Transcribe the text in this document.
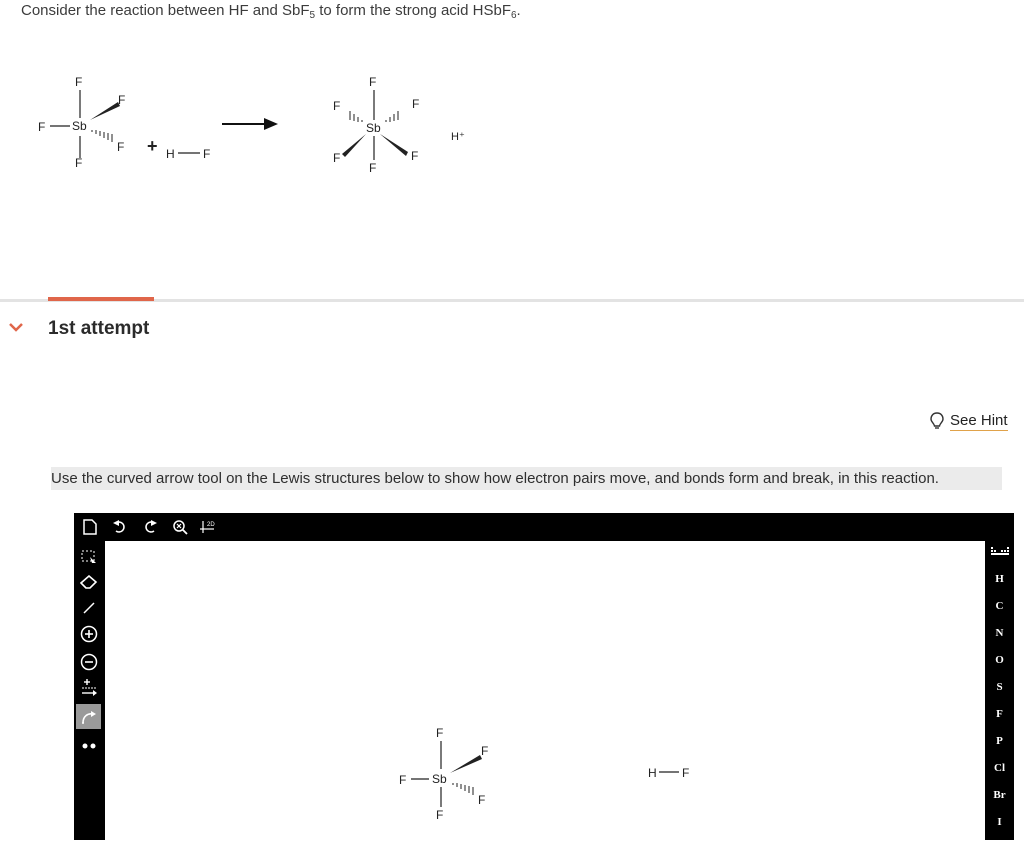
Consider the reaction between HF and SbF$_5$ to form the strong acid HSbF$_6$.
Sb
F
F
F
F
F
+ H F
Sb
F
F	F
F	F
F
H⁺
1st attempt
See Hint
Use the curved arrow tool on the Lewis structures below to show how electron pairs move, and bonds form and break, in this reaction.
2D
Sb
F
F
F
F
F
H F
H
C
N
O
S
F
P
Cl
Br
I
